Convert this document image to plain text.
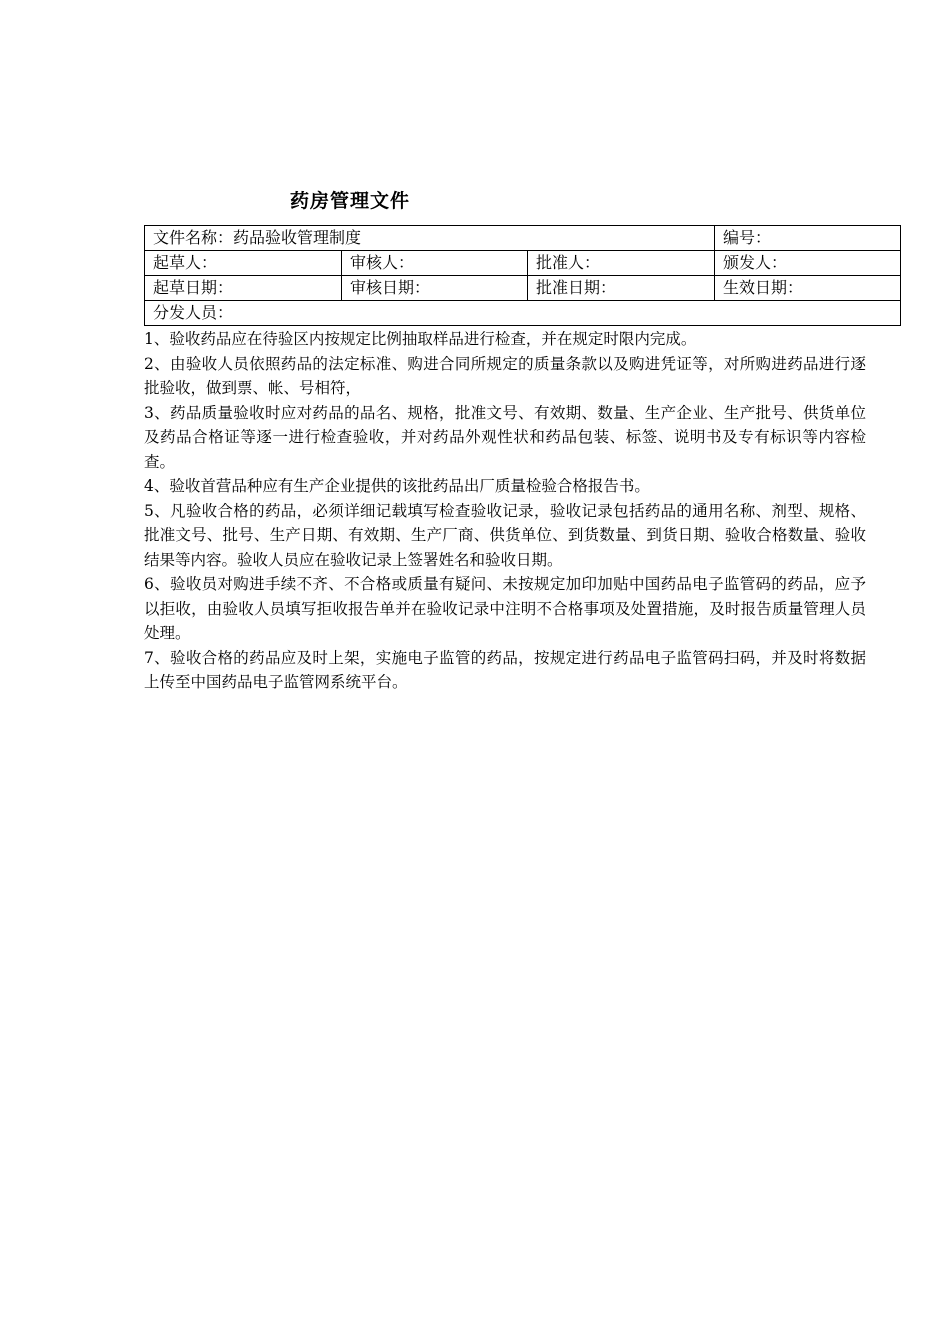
药房管理文件
文件名称：药品验收管理制度			编号：
起草人：	审核人：	批准人：	颁发人：
起草日期：	审核日期：	批准日期：	生效日期：
分发人员：			

1、验收药品应在待验区内按规定比例抽取样品进行检查，并在规定时限内完成。

2、由验收人员依照药品的法定标准、购进合同所规定的质量条款以及购进凭证等，对所购进药品进行逐批验收，做到票、帐、号相符，

3、药品质量验收时应对药品的品名、规格，批准文号、有效期、数量、生产企业、生产批号、供货单位及药品合格证等逐一进行检查验收，并对药品外观性状和药品包装、标签、说明书及专有标识等内容检查。

4、验收首营品种应有生产企业提供的该批药品出厂质量检验合格报告书。

5、凡验收合格的药品，必须详细记载填写检查验收记录，验收记录包括药品的通用名称、剂型、规格、批准文号、批号、生产日期、有效期、生产厂商、供货单位、到货数量、到货日期、验收合格数量、验收结果等内容。验收人员应在验收记录上签署姓名和验收日期。

6、验收员对购进手续不齐、不合格或质量有疑问、未按规定加印加贴中国药品电子监管码的药品，应予以拒收，由验收人员填写拒收报告单并在验收记录中注明不合格事项及处置措施，及时报告质量管理人员处理。

7、验收合格的药品应及时上架，实施电子监管的药品，按规定进行药品电子监管码扫码，并及时将数据上传至中国药品电子监管网系统平台。
